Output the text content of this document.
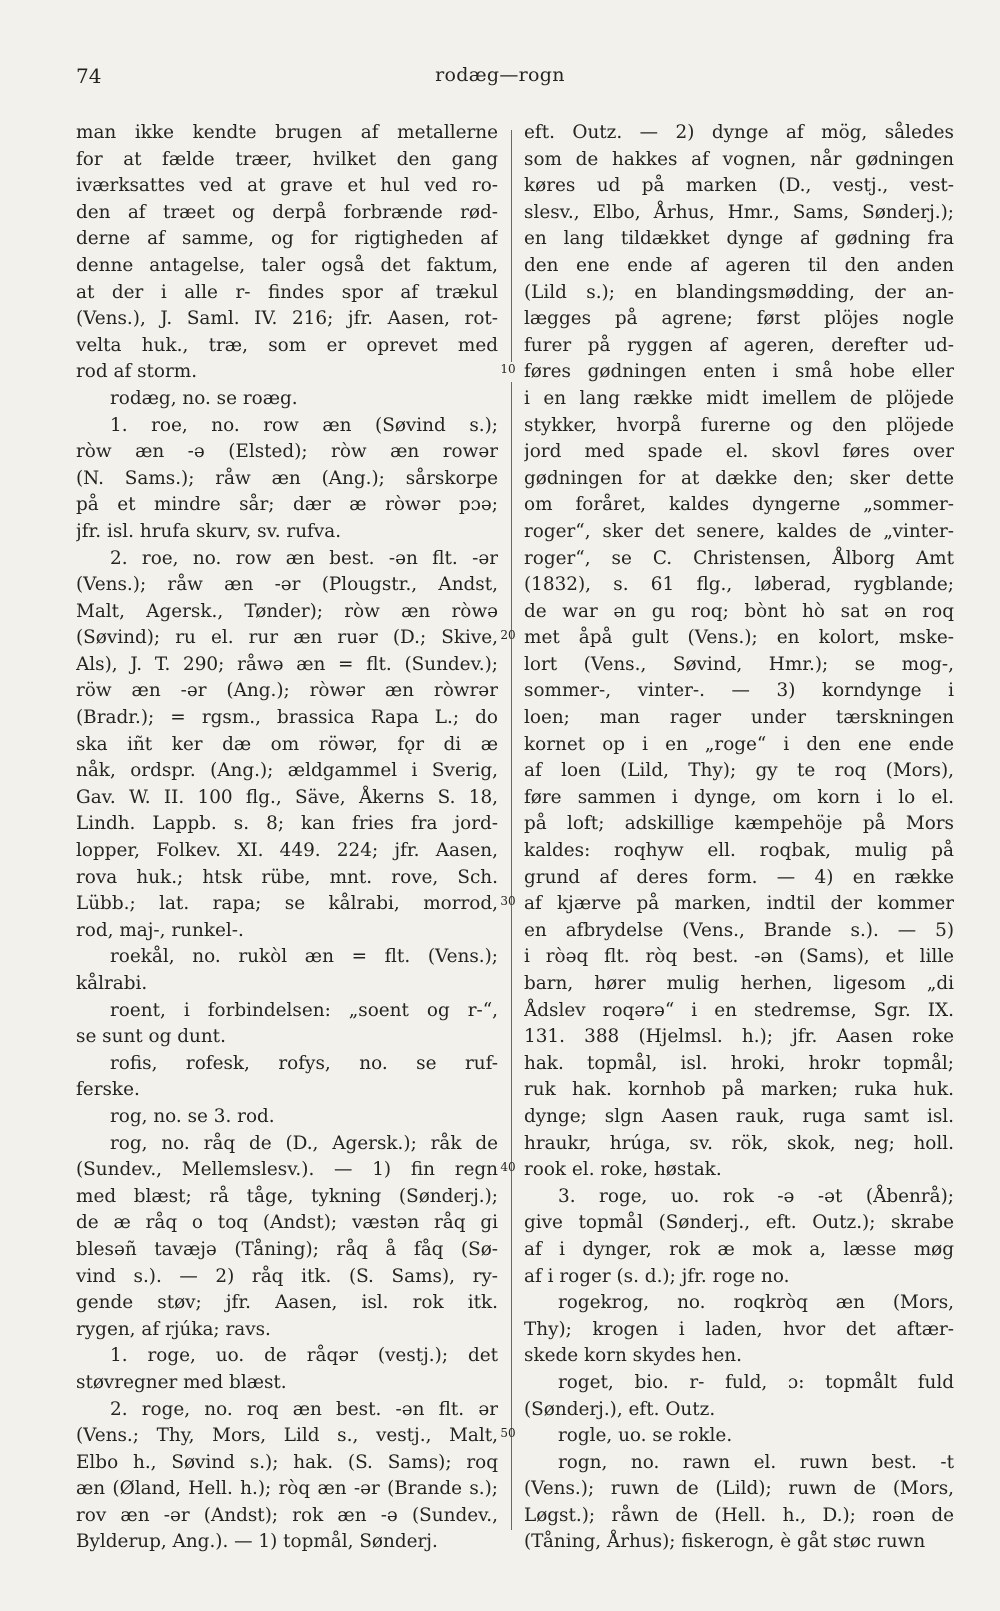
74	rodæg—rogn
10
20
30
40
50
man ikke kendte brugen af metallerne
for at fælde træer, hvilket den gang
iværksattes ved at grave et hul ved ro-
den af træet og derpå forbrænde rød-
derne af samme, og for rigtigheden af
denne antagelse, taler også det faktum,
at der i alle r- findes spor af trækul
(Vens.), J. Saml. IV. 216; jfr. Aasen, rot-
velta huk., træ, som er oprevet med
rod af storm.
rodæg, no. se roæg.
1. roe, no. row æn (Søvind s.);
ròw æn -ə (Elsted); ròw æn rowər
(N. Sams.); råw æn (Ang.); sårskorpe
på et mindre sår; dær æ ròwər pɔə;
jfr. isl. hrufa skurv, sv. rufva.
2. roe, no. row æn best. -ən flt. -ər
(Vens.); råw æn -ər (Plougstr., Andst,
Malt, Agersk., Tønder); ròw æn ròwə
(Søvind); ru el. rur æn ruər (D.; Skive,
Als), J. T. 290; råwə æn = flt. (Sundev.);
röw æn -ər (Ang.); ròwər æn ròwrər
(Bradr.); = rgsm., brassica Rapa L.; do
ska iñt ker dæ om röwər, fǫr di æ
nåk, ordspr. (Ang.); ældgammel i Sverig,
Gav. W. II. 100 flg., Säve, Åkerns S. 18,
Lindh. Lappb. s. 8; kan fries fra jord-
lopper, Folkev. XI. 449. 224; jfr. Aasen,
rova huk.; htsk rübe, mnt. rove, Sch.
Lübb.; lat. rapa; se kålrabi, morrod,
rod, maj-, runkel-.
roekål, no. rukòl æn = flt. (Vens.);
kålrabi.
roent, i forbindelsen: „soent og r-“,
se sunt og dunt.
rofis, rofesk, rofys, no. se ruf-
ferske.
rog, no. se 3. rod.
rog, no. råq de (D., Agersk.); råk de
(Sundev., Mellemslesv.). — 1) fin regn
med blæst; rå tåge, tykning (Sønderj.);
de æ råq o toq (Andst); væstən råq gi
blesəñ tavæjə (Tåning); råq å fåq (Sø-
vind s.). — 2) råq itk. (S. Sams), ry-
gende støv; jfr. Aasen, isl. rok itk.
rygen, af rjúka; ravs.
1. roge, uo. de råqər (vestj.); det
støvregner med blæst.
2. roge, no. roq æn best. -ən flt. ər
(Vens.; Thy, Mors, Lild s., vestj., Malt,
Elbo h., Søvind s.); hak. (S. Sams); roq
æn (Øland, Hell. h.); ròq æn -ər (Brande s.);
rov æn -ər (Andst); rok æn -ə (Sundev.,
Bylderup, Ang.). — 1) topmål, Sønderj.
eft. Outz. — 2) dynge af mög, således
som de hakkes af vognen, når gødningen
køres ud på marken (D., vestj., vest-
slesv., Elbo, Århus, Hmr., Sams, Sønderj.);
en lang tildækket dynge af gødning fra
den ene ende af ageren til den anden
(Lild s.); en blandingsmødding, der an-
lægges på agrene; først plöjes nogle
furer på ryggen af ageren, derefter ud-
føres gødningen enten i små hobe eller
i en lang række midt imellem de plöjede
stykker, hvorpå furerne og den plöjede
jord med spade el. skovl føres over
gødningen for at dække den; sker dette
om foråret, kaldes dyngerne „sommer-
roger“, sker det senere, kaldes de „vinter-
roger“, se C. Christensen, Ålborg Amt
(1832), s. 61 flg., løberad, rygblande;
de war ən gu roq; bònt hò sat ən roq
met åpå gult (Vens.); en kolort, mske-
lort (Vens., Søvind, Hmr.); se mog-,
sommer-, vinter-. — 3) korndynge i
loen; man rager under tærskningen
kornet op i en „roge“ i den ene ende
af loen (Lild, Thy); gy te roq (Mors),
føre sammen i dynge, om korn i lo el.
på loft; adskillige kæmpehöje på Mors
kaldes: roqhyw ell. roqbak, mulig på
grund af deres form. — 4) en række
af kjærve på marken, indtil der kommer
en afbrydelse (Vens., Brande s.). — 5)
i ròəq flt. ròq best. -ən (Sams), et lille
barn, hører mulig herhen, ligesom „di
Ådslev roqərə“ i en stedremse, Sgr. IX.
131. 388 (Hjelmsl. h.); jfr. Aasen roke
hak. topmål, isl. hroki, hrokr topmål;
ruk hak. kornhob på marken; ruka huk.
dynge; slgn Aasen rauk, ruga samt isl.
hraukr, hrúga, sv. rök, skok, neg; holl.
rook el. roke, høstak.
3. roge, uo. rok -ə -ət (Åbenrå);
give topmål (Sønderj., eft. Outz.); skrabe
af i dynger, rok æ mok a, læsse møg
af i roger (s. d.); jfr. roge no.
rogekrog, no. roqkròq æn (Mors,
Thy); krogen i laden, hvor det aftær-
skede korn skydes hen.
roget, bio. r- fuld, ɔ: topmålt fuld
(Sønderj.), eft. Outz.
rogle, uo. se rokle.
rogn, no. rawn el. ruwn best. -t
(Vens.); ruwn de (Lild); ruwn de (Mors,
Løgst.); råwn de (Hell. h., D.); roən de
(Tåning, Århus); fiskerogn, è gåt støc ruwn
